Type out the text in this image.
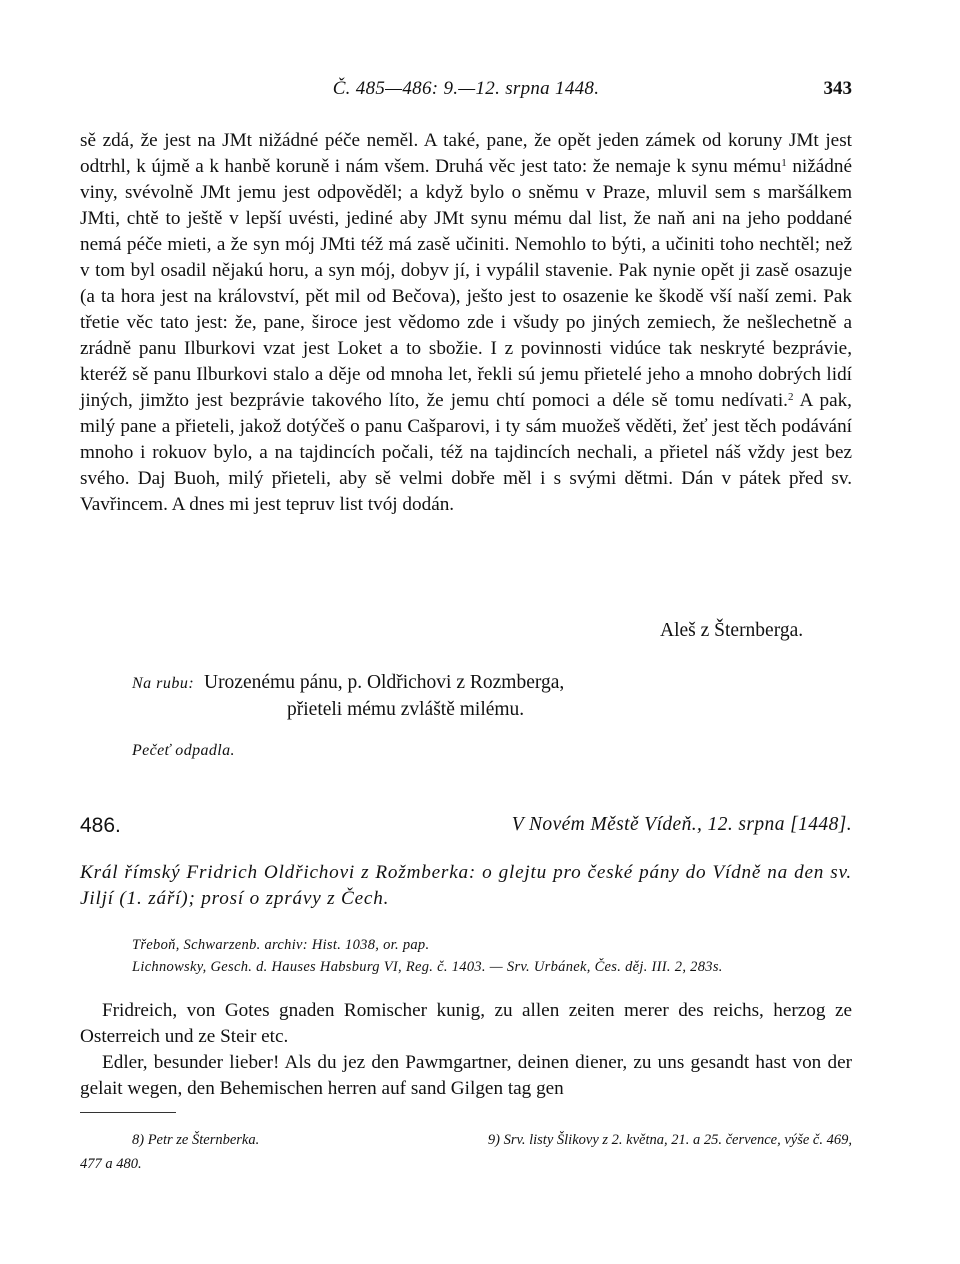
Č. 485—486: 9.—12. srpna 1448.	343

sě zdá, že jest na JMt nižádné péče neměl. A také, pane, že opět jeden zámek od koruny JMt jest odtrhl, k újmě a k hanbě koruně i nám všem. Druhá věc jest tato: že nemaje k synu mému$^1$ nižádné viny, svévolně JMt jemu jest odpověděl; a když bylo o sněmu v Praze, mluvil sem s maršálkem JMti, chtě to ještě v lepší uvésti, jediné aby JMt synu mému dal list, že naň ani na jeho poddané nemá péče mieti, a že syn mój JMti též má zasě učiniti. Nemohlo to býti, a učiniti toho nechtěl; než v tom byl osadil nějakú horu, a syn mój, dobyv jí, i vypálil stavenie. Pak nynie opět ji zasě osazuje (a ta hora jest na království, pět mil od Bečova), ješto jest to osazenie ke škodě vší naší zemi. Pak třetie věc tato jest: že, pane, široce jest vědomo zde i všudy po jiných zemiech, že nešlechetně a zrádně panu Ilburkovi vzat jest Loket a to sbožie. I z povinnosti vidúce tak neskryté bezprávie, kteréž sě panu Ilburkovi stalo a děje od mnoha let, řekli sú jemu přietelé jeho a mnoho dobrých lidí jiných, jimžto jest bezprávie takového líto, že jemu chtí pomoci a déle sě tomu nedívati.$^2$ A pak, milý pane a přieteli, jakož dotýčeš o panu Cašparovi, i ty sám muožeš věděti, žeť jest těch podávání mnoho i rokuov bylo, a na tajdincích počali, též na tajdincích nechali, a přietel náš vždy jest bez svého. Daj Buoh, milý přieteli, aby sě velmi dobře měl i s svými dětmi. Dán v pátek před sv. Vavřincem. A dnes mi jest tepruv list tvój dodán.

Aleš z Šternberga.
Na rubu: Urozenému pánu, p. Oldřichovi z Rozmberga,
přieteli mému zvláště milému.
Pečeť odpadla.
486.	V Novém Městě Vídeň., 12. srpna [1448].

Král římský Fridrich Oldřichovi z Rožmberka: o glejtu pro české pány do Vídně na den sv. Jiljí (1. září); prosí o zprávy z Čech.

Třeboň, Schwarzenb. archiv: Hist. 1038, or. pap.
Lichnowsky, Gesch. d. Hauses Habsburg VI, Reg. č. 1403. — Srv. Urbánek, Čes. děj. III. 2, 283s.

Fridreich, von Gotes gnaden Romischer kunig, zu allen zeiten merer des reichs, herzog ze Osterreich und ze Steir etc.

Edler, besunder lieber! Als du jez den Pawmgartner, deinen diener, zu uns gesandt hast von der gelait wegen, den Behemischen herren auf sand Gilgen tag gen

8) Petr ze Šternberka.	9) Srv. listy Šlikovy z 2. května, 21. a 25. července, výše č. 469,
477 a 480.
